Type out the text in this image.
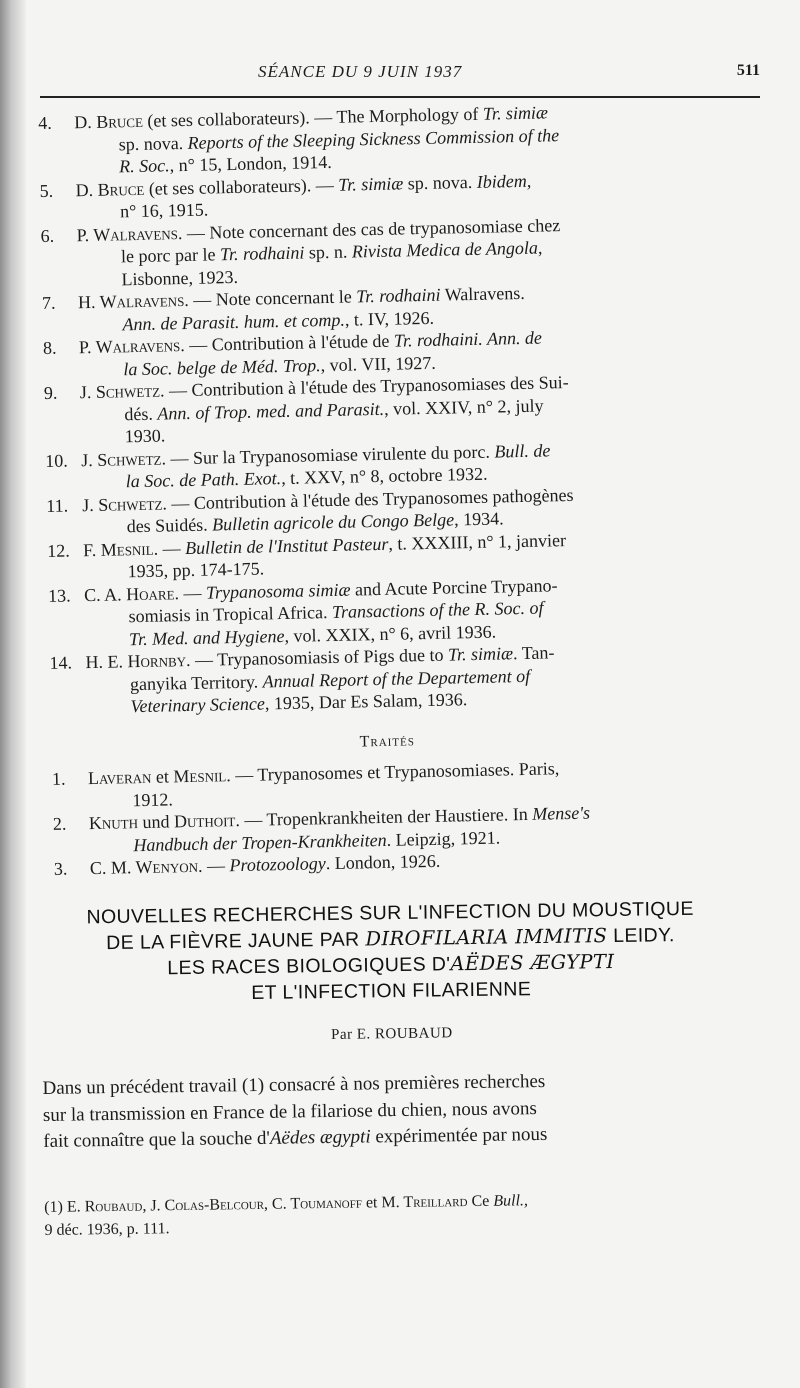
SÉANCE DU 9 JUIN 1937	511
4.	D. Bruce (et ses collaborateurs). — The Morphology of Tr. simiæ
sp. nova. Reports of the Sleeping Sickness Commission of the
R. Soc., n° 15, London, 1914.
5.	D. Bruce (et ses collaborateurs). — Tr. simiæ sp. nova. Ibidem,
n° 16, 1915.
6.	P. Walravens. — Note concernant des cas de trypanosomiase chez
le porc par le Tr. rodhaini sp. n. Rivista Medica de Angola,
Lisbonne, 1923.
7.	H. Walravens. — Note concernant le Tr. rodhaini Walravens.
Ann. de Parasit. hum. et comp., t. IV, 1926.
8.	P. Walravens. — Contribution à l'étude de Tr. rodhaini. Ann. de
la Soc. belge de Méd. Trop., vol. VII, 1927.
9.	J. Schwetz. — Contribution à l'étude des Trypanosomiases des Sui-
dés. Ann. of Trop. med. and Parasit., vol. XXIV, n° 2, july
1930.
10. J. Schwetz. — Sur la Trypanosomiase virulente du porc. Bull. de
la Soc. de Path. Exot., t. XXV, n° 8, octobre 1932.
11. J. Schwetz. — Contribution à l'étude des Trypanosomes pathogènes
des Suidés. Bulletin agricole du Congo Belge, 1934.
12. F. Mesnil. — Bulletin de l'Institut Pasteur, t. XXXIII, n° 1, janvier
1935, pp. 174-175.
13. C. A. Hoare. — Trypanosoma simiæ and Acute Porcine Trypano-
somiasis in Tropical Africa. Transactions of the R. Soc. of
Tr. Med. and Hygiene, vol. XXIX, n° 6, avril 1936.
14. H. E. Hornby. — Trypanosomiasis of Pigs due to Tr. simiæ. Tan-
ganyika Territory. Annual Report of the Departement of
Veterinary Science, 1935, Dar Es Salam, 1936.
Traités
1.	Laveran et Mesnil. — Trypanosomes et Trypanosomiases. Paris,
1912.
2.	Knuth und Duthoit. — Tropenkrankheiten der Haustiere. In Mense's
Handbuch der Tropen-Krankheiten. Leipzig, 1921.
3.	C. M. Wenyon. — Protozoology. London, 1926.
NOUVELLES RECHERCHES SUR L'INFECTION DU MOUSTIQUE
DE LA FIÈVRE JAUNE PAR DIROFILARIA IMMITIS LEIDY.
LES RACES BIOLOGIQUES D'AËDES ÆGYPTI
ET L'INFECTION FILARIENNE
Par E. ROUBAUD
Dans un précédent travail (1) consacré à nos premières recherches
sur la transmission en France de la filariose du chien, nous avons
fait connaître que la souche d'Aëdes ægypti expérimentée par nous
(1) E. Roubaud, J. Colas-Belcour, C. Toumanoff et M. Treillard Ce Bull.,
9 déc. 1936, p. 111.
